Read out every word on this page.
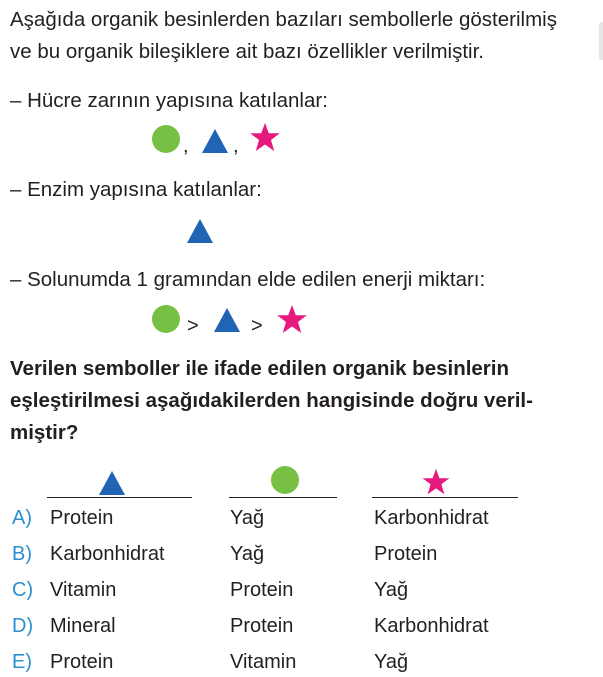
Aşağıda organik besinlerden bazıları sembollerle gösterilmiş
ve bu organik bileşiklere ait bazı özellikler verilmiştir.
– Hücre zarının yapısına katılanlar:
, ,
– Enzim yapısına katılanlar:
– Solunumda 1 gramından elde edilen enerji miktarı:
>	>
Verilen semboller ile ifade edilen organik besinlerin
eşleştirilmesi aşağıdakilerden hangisinde doğru veril-
miştir?
A) Protein	Yağ	Karbonhidrat
B) Karbonhidrat	Yağ	Protein
C) Vitamin	Protein	Yağ
D) Mineral	Protein	Karbonhidrat
E) Protein	Vitamin	Yağ
